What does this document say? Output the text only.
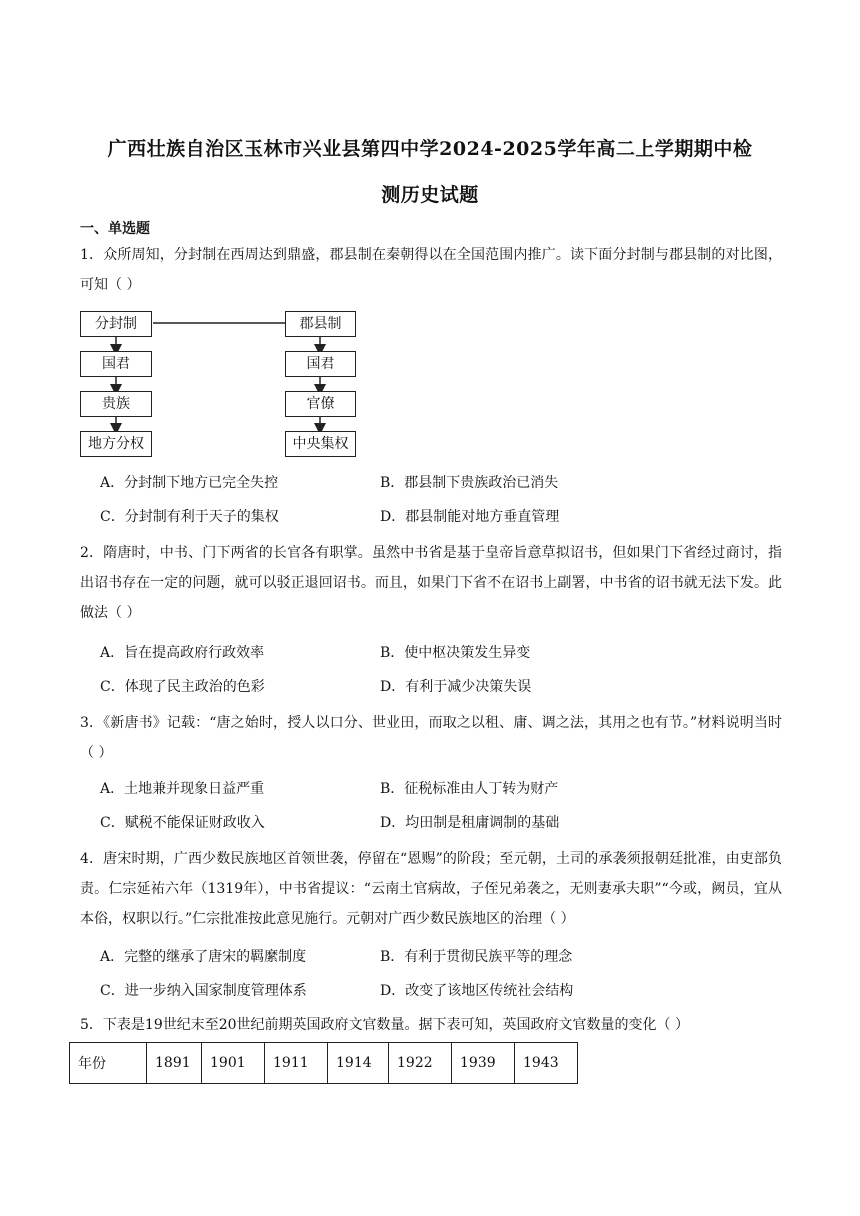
广西壮族自治区玉林市兴业县第四中学2024-2025学年高二上学期期中检
测历史试题
一、单选题
1．众所周知，分封制在西周达到鼎盛，郡县制在秦朝得以在全国范围内推广。读下面分封制与郡县制的对比图，可知（ ）
分封制
国君
贵族
地方分权
郡县制
国君
官僚
中央集权
A．分封制下地方已完全失控	B．郡县制下贵族政治已消失
C．分封制有利于天子的集权	D．郡县制能对地方垂直管理
2．隋唐时，中书、门下两省的长官各有职掌。虽然中书省是基于皇帝旨意草拟诏书，但如果门下省经过商讨，指出诏书存在一定的问题，就可以驳正退回诏书。而且，如果门下省不在诏书上副署，中书省的诏书就无法下发。此做法（ ）
A．旨在提高政府行政效率	B．使中枢决策发生异变
C．体现了民主政治的色彩	D．有利于减少决策失误
3．《新唐书》记载：“唐之始时，授人以口分、世业田，而取之以租、庸、调之法，其用之也有节。”材料说明当时（ ）
A．土地兼并现象日益严重	B．征税标准由人丁转为财产
C．赋税不能保证财政收入	D．均田制是租庸调制的基础
4．唐宋时期，广西少数民族地区首领世袭，停留在“恩赐”的阶段；至元朝，土司的承袭须报朝廷批准，由吏部负责。仁宗延祐六年（1319年），中书省提议：“云南土官病故，子侄兄弟袭之，无则妻承夫职”“今或，阙员，宜从本俗，权职以行。”仁宗批准按此意见施行。元朝对广西少数民族地区的治理（ ）
A．完整的继承了唐宋的羁縻制度	B．有利于贯彻民族平等的理念
C．进一步纳入国家制度管理体系	D．改变了该地区传统社会结构
5．下表是19世纪末至20世纪前期英国政府文官数量。据下表可知，英国政府文官数量的变化（ ）
年份	1891	1901	1911	1914	1922	1939	1943
